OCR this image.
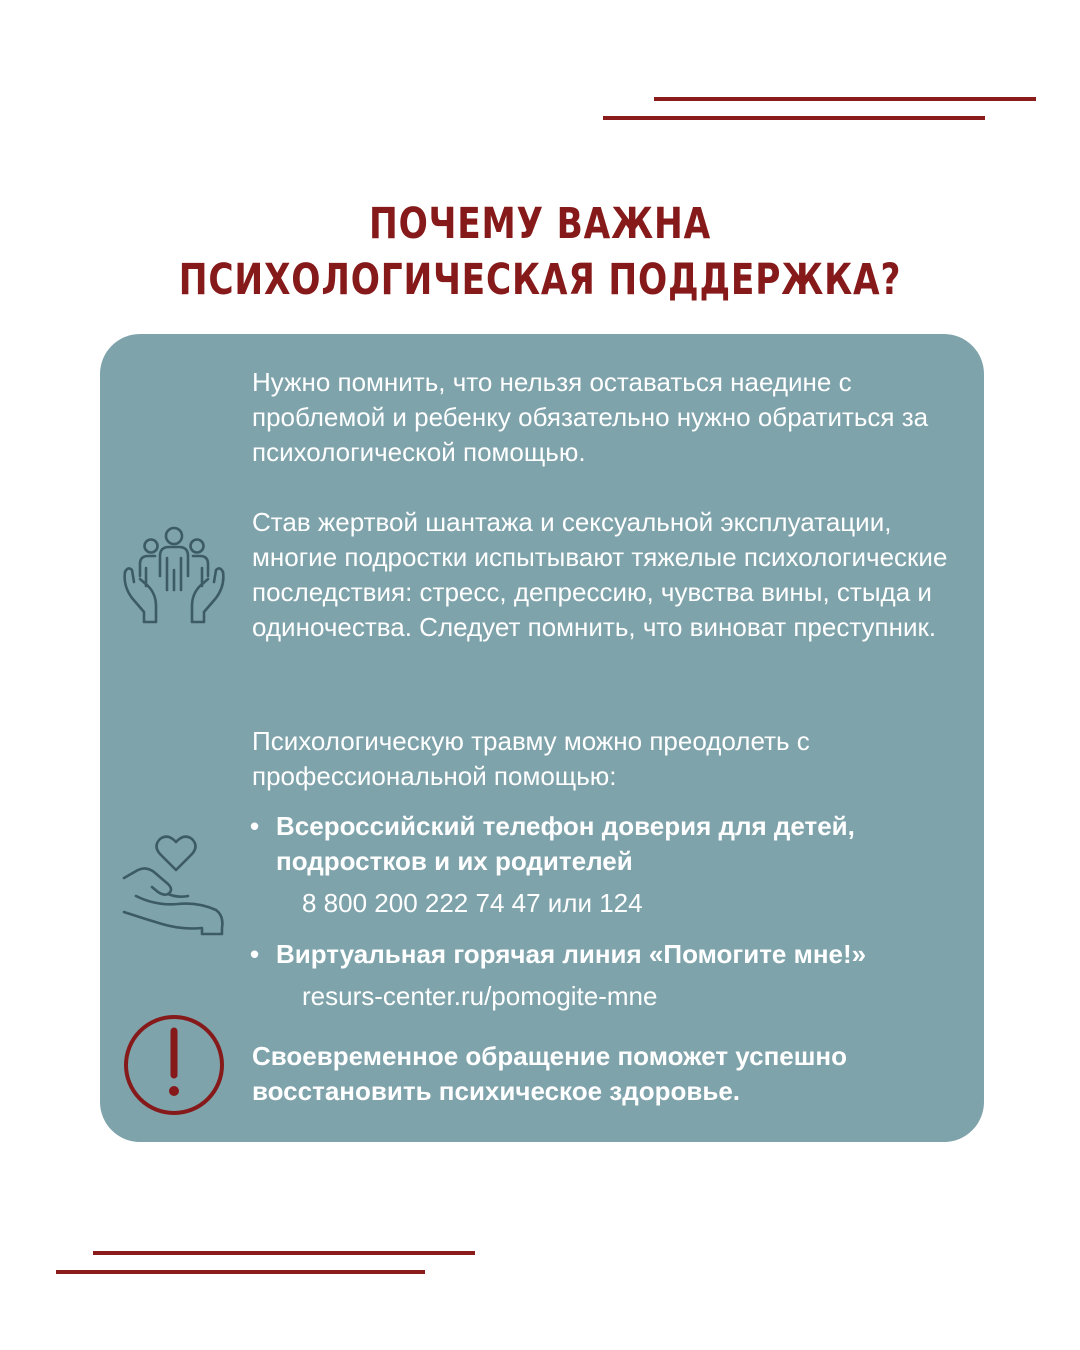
ПОЧЕМУ ВАЖНА
ПСИХОЛОГИЧЕСКАЯ ПОДДЕРЖКА?

Нужно помнить, что нельзя оставаться наедине с проблемой и ребенку обязательно нужно обратиться за психологической помощью.

Став жертвой шантажа и сексуальной эксплуатации, многие подростки испытывают тяжелые психологические последствия: стресс, депрессию, чувства вины, стыда и одиночества. Следует помнить, что виноват преступник.

Психологическую травму можно преодолеть с профессиональной помощью:

• Всероссийский телефон доверия для детей, подростков и их родителей
8 800 200 222 74 47 или 124
• Виртуальная горячая линия «Помогите мне!»
resurs-center.ru/pomogite-mne

Своевременное обращение поможет успешно восстановить психическое здоровье.
